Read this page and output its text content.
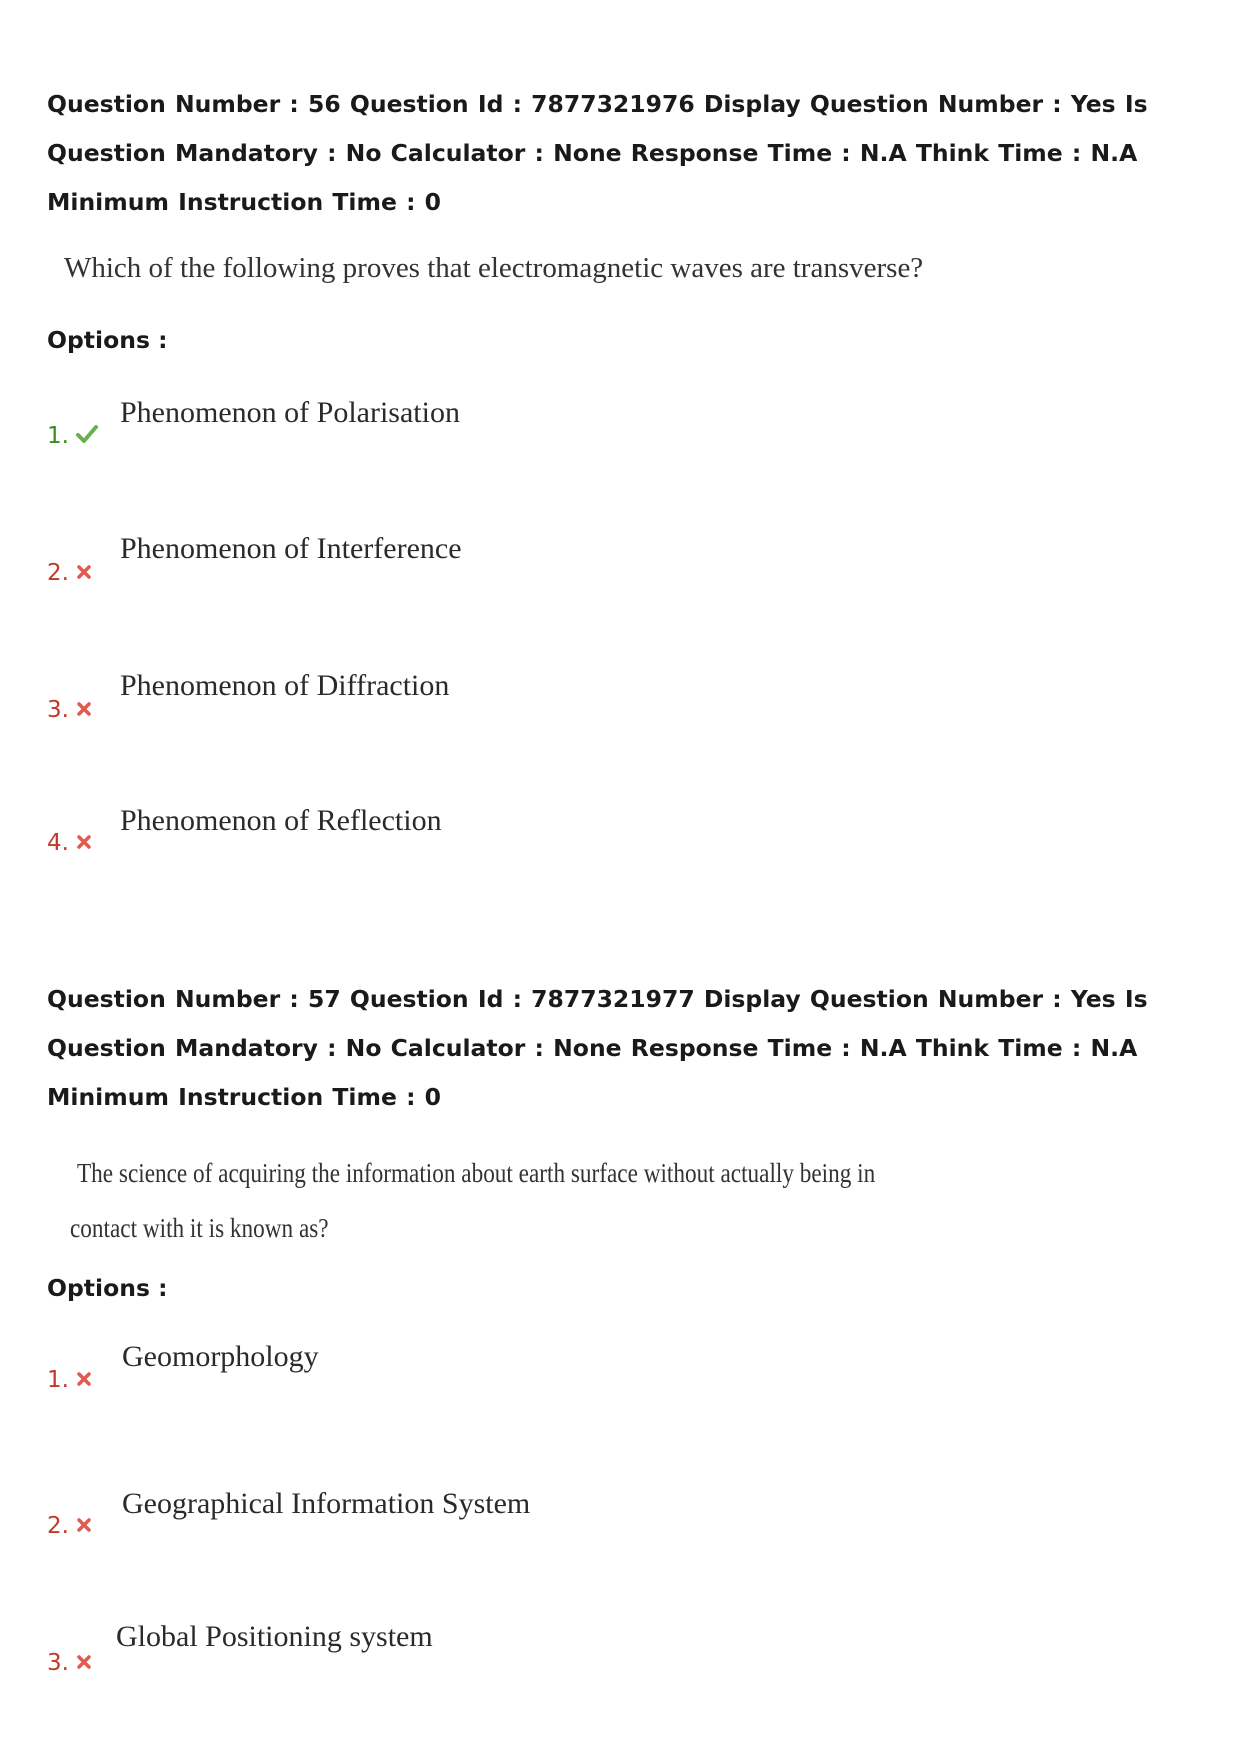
Question Number : 56 Question Id : 7877321976 Display Question Number : Yes Is Question Mandatory : No Calculator : None Response Time : N.A Think Time : N.A Minimum Instruction Time : 0

Which of the following proves that electromagnetic waves are transverse?

Options :

1.
Phenomenon of Polarisation
2.
Phenomenon of Interference
3.
Phenomenon of Diffraction
4.
Phenomenon of Reflection

Question Number : 57 Question Id : 7877321977 Display Question Number : Yes Is Question Mandatory : No Calculator : None Response Time : N.A Think Time : N.A Minimum Instruction Time : 0

The science of acquiring the information about earth surface without actually being in

contact with it is known as?

Options :

1.
Geomorphology
2.
Geographical Information System
3.
Global Positioning system
